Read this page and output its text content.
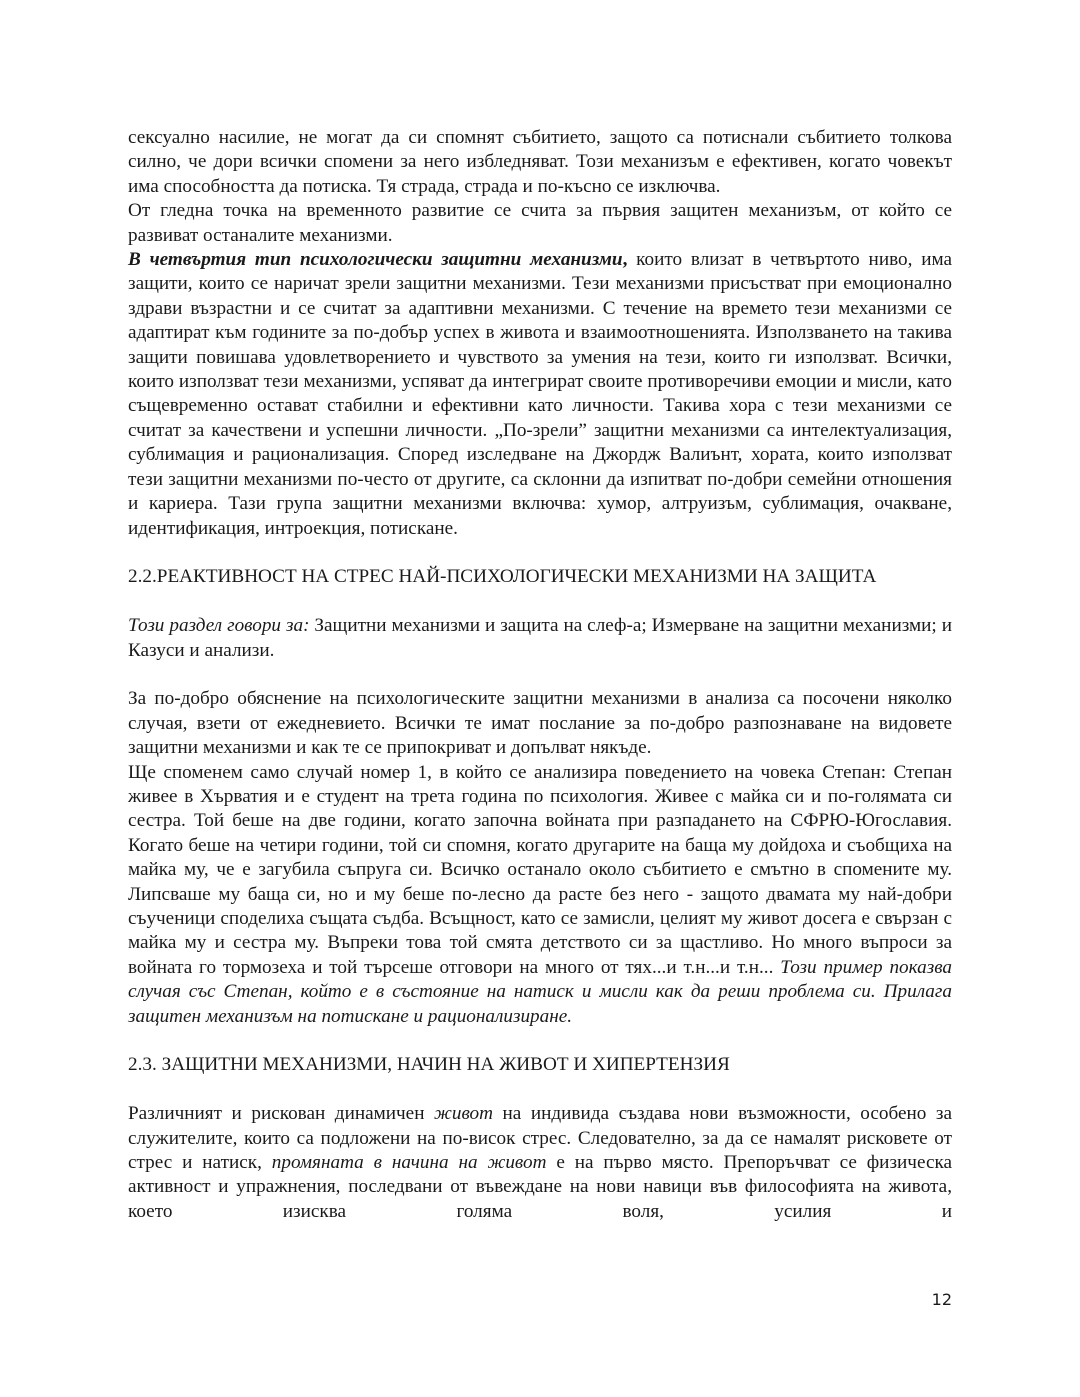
сексуално насилие, не могат да си спомнят събитието, защото са потиснали събитието толкова силно, че дори всички спомени за него избледняват. Този механизъм е ефективен, когато човекът има способността да потиска. Тя страда, страда и по-късно се изключва.

От гледна точка на временното развитие се счита за първия защитен механизъм, от който се развиват останалите механизми.

В четвъртия тип психологически защитни механизми, които влизат в четвъртото ниво, има защити, които се наричат зрели защитни механизми. Тези механизми присъстват при емоционално здрави възрастни и се считат за адаптивни механизми. С течение на времето тези механизми се адаптират към годините за по-добър успех в живота и взаимоотношенията. Използването на такива защити повишава удовлетворението и чувството за умения на тези, които ги използват. Всички, които използват тези механизми, успяват да интегрират своите противоречиви емоции и мисли, като същевременно остават стабилни и ефективни като личности. Такива хора с тези механизми се считат за качествени и успешни личности. „По-зрели” защитни механизми са интелектуализация, сублимация и рационализация. Според изследване на Джордж Валиънт, хората, които използват тези защитни механизми по-често от другите, са склонни да изпитват по-добри семейни отношения и кариера. Тази група защитни механизми включва: хумор, алтруизъм, сублимация, очакване, идентификация, интроекция, потискане.

2.2.РЕАКТИВНОСТ НА СТРЕС НАЙ-ПСИХОЛОГИЧЕСКИ МЕХАНИЗМИ НА ЗАЩИТА

Този раздел говори за: Защитни механизми и защита на слеф-а; Измерване на защитни механизми; и Казуси и анализи.

За по-добро обяснение на психологическите защитни механизми в анализа са посочени няколко случая, взети от ежедневието. Всички те имат послание за по-добро разпознаване на видовете защитни механизми и как те се припокриват и допълват някъде.

Ще споменем само случай номер 1, в който се анализира поведението на човека Степан: Степан живее в Хърватия и е студент на трета година по психология. Живее с майка си и по-голямата си сестра. Той беше на две години, когато започна войната при разпадането на СФРЮ-Югославия. Когато беше на четири години, той си спомня, когато другарите на баща му дойдоха и съобщиха на майка му, че е загубила съпруга си. Всичко останало около събитието е смътно в спомените му. Липсваше му баща си, но и му беше по-лесно да расте без него - защото двамата му най-добри съученици споделиха същата съдба. Всъщност, като се замисли, целият му живот досега е свързан с майка му и сестра му. Въпреки това той смята детството си за щастливо. Но много въпроси за войната го тормозеха и той търсеше отговори на много от тях...и т.н...и т.н... Този пример показва случая със Степан, който е в състояние на натиск и мисли как да реши проблема си. Прилага защитен механизъм на потискане и рационализиране.

2.3. ЗАЩИТНИ МЕХАНИЗМИ, НАЧИН НА ЖИВОТ И ХИПЕРТЕНЗИЯ

Различният и рискован динамичен живот на индивида създава нови възможности, особено за служителите, които са подложени на по-висок стрес. Следователно, за да се намалят рисковете от стрес и натиск, промяната в начина на живот е на първо място. Препоръчват се физическа активност и упражнения, последвани от въвеждане на нови навици във философията на живота, което изисква голяма воля, усилия и

12
